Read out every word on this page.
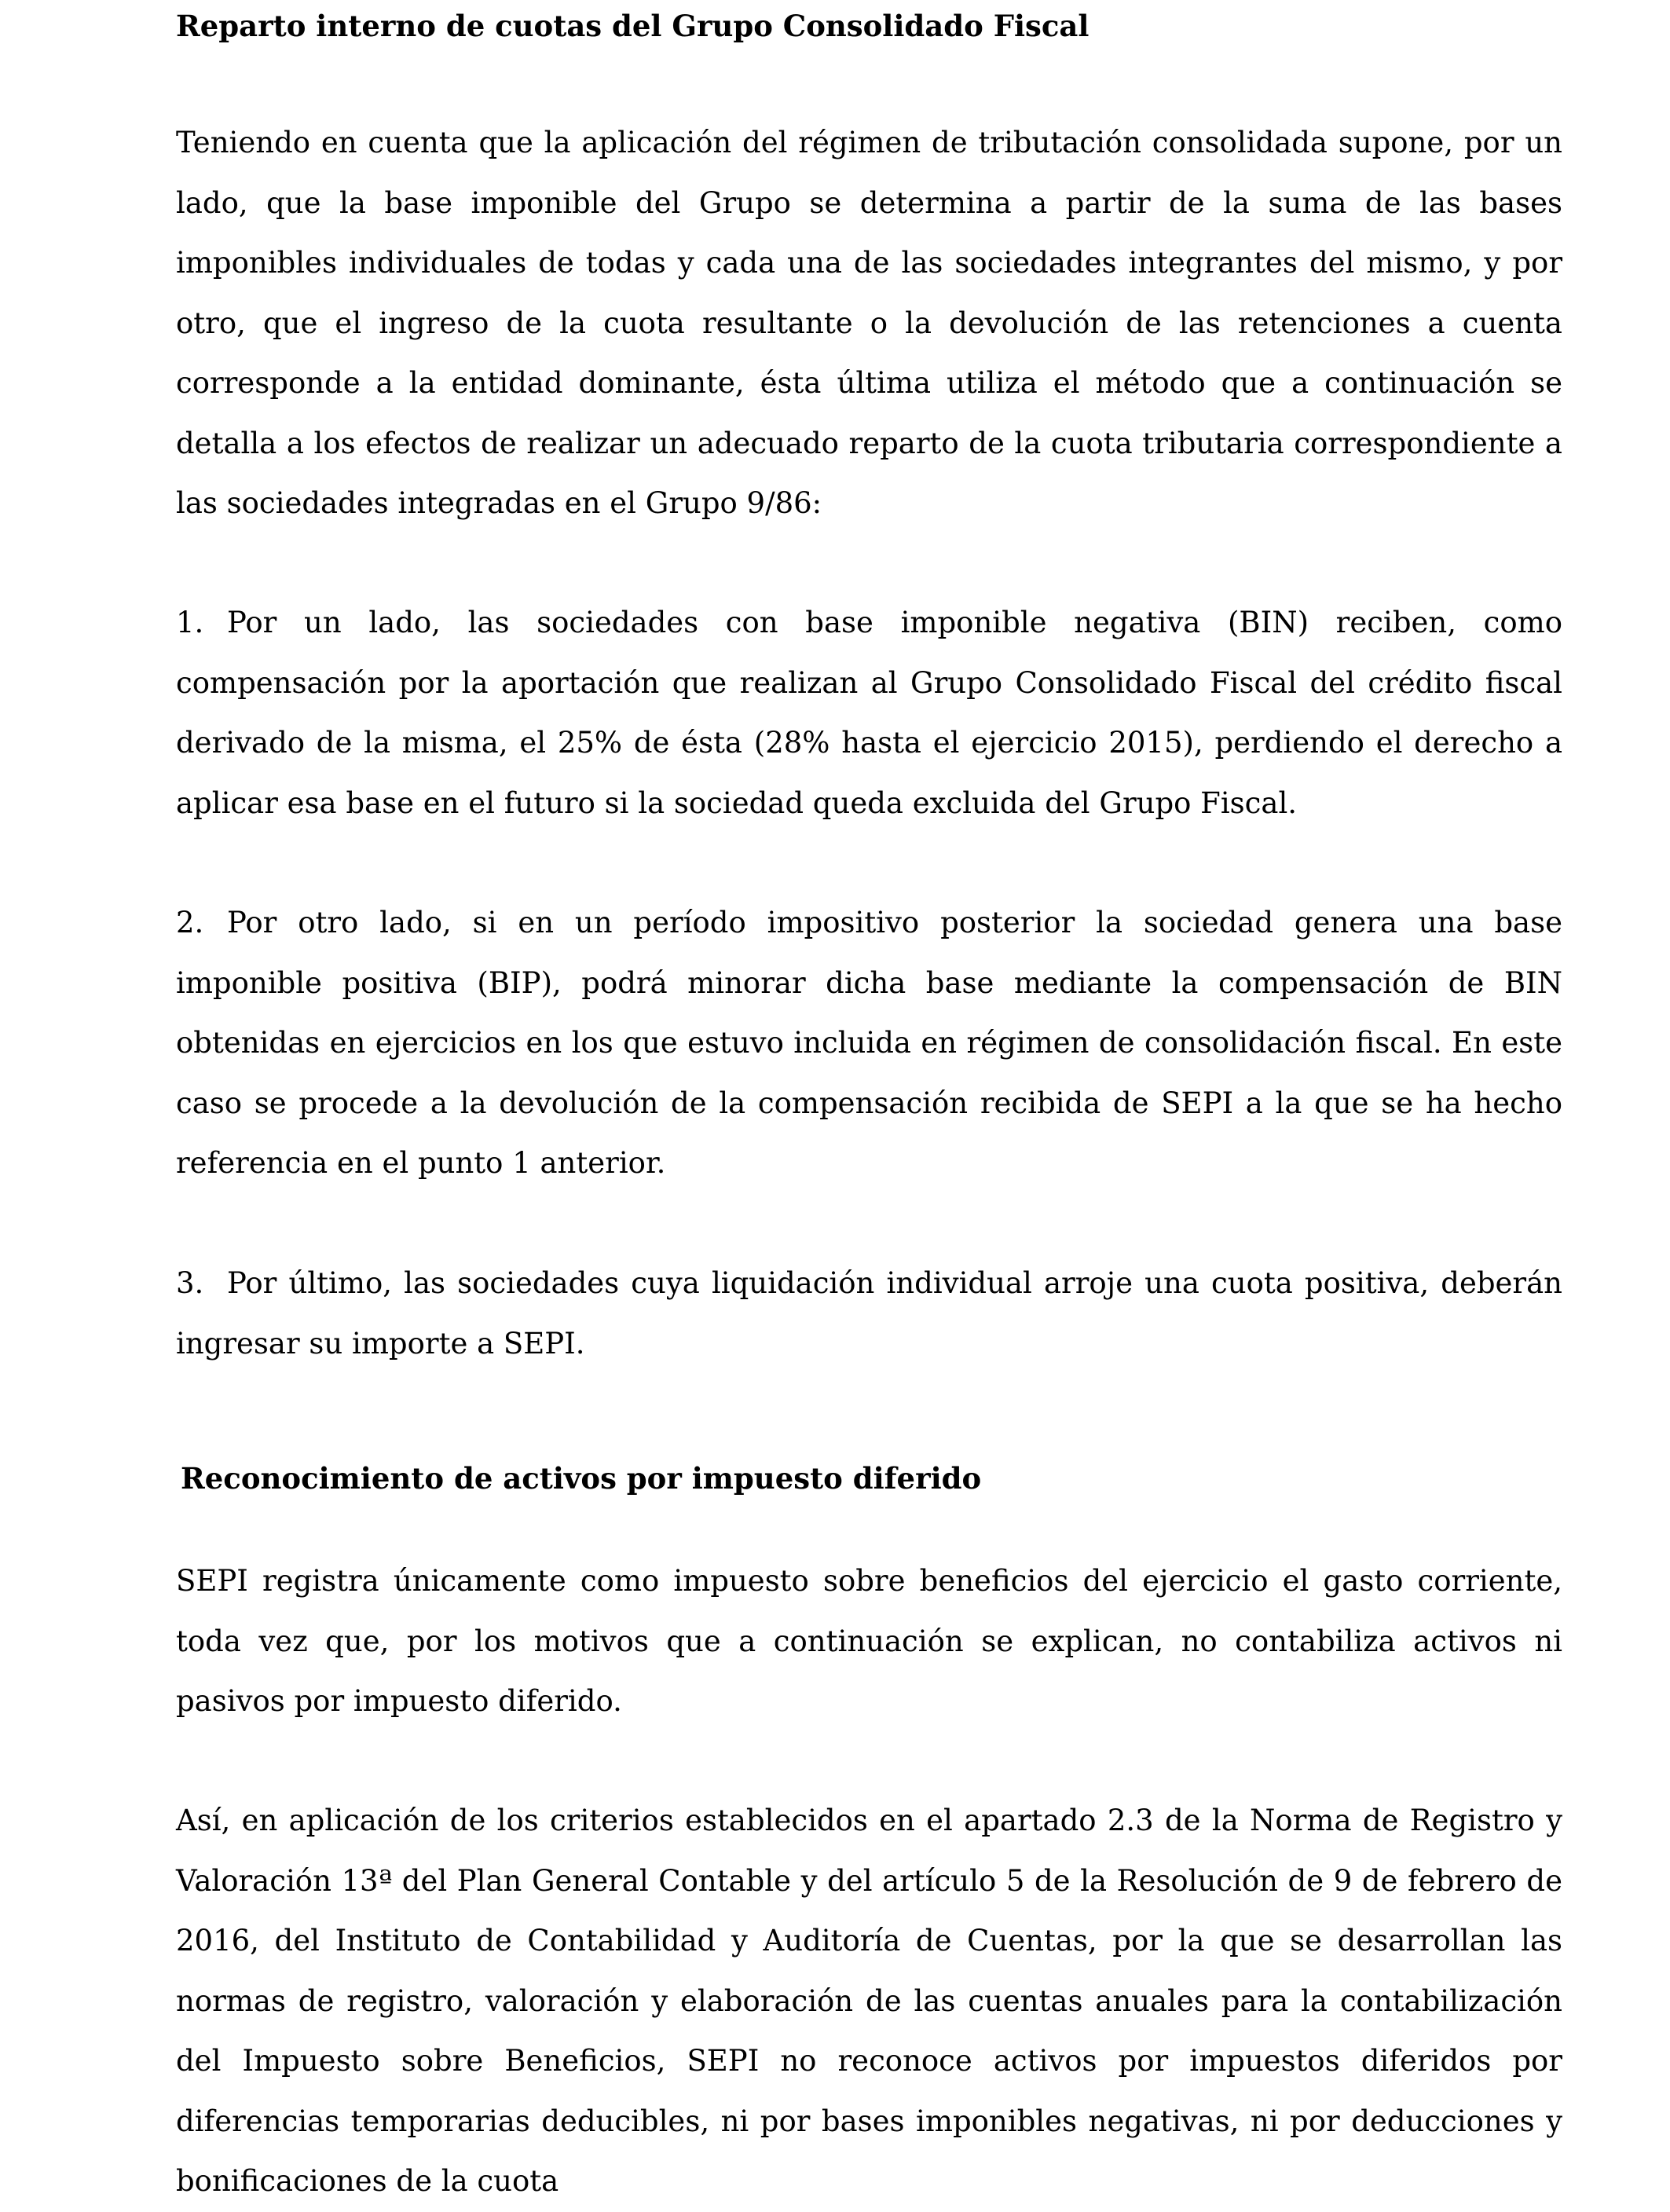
Reparto interno de cuotas del Grupo Consolidado Fiscal
Teniendo en cuenta que la aplicación del régimen de tributación consolidada supone, por un lado, que la base imponible del Grupo se determina a partir de la suma de las bases imponibles individuales de todas y cada una de las sociedades integrantes del mismo, y por otro, que el ingreso de la cuota resultante o la devolución de las retenciones a cuenta corresponde a la entidad dominante, ésta última utiliza el método que a continuación se detalla a los efectos de realizar un adecuado reparto de la cuota tributaria correspondiente a las sociedades integradas en el Grupo 9/86:
1. Por un lado, las sociedades con base imponible negativa (BIN) reciben, como compensación por la aportación que realizan al Grupo Consolidado Fiscal del crédito fiscal derivado de la misma, el 25% de ésta (28% hasta el ejercicio 2015), perdiendo el derecho a aplicar esa base en el futuro si la sociedad queda excluida del Grupo Fiscal.
2. Por otro lado, si en un período impositivo posterior la sociedad genera una base imponible positiva (BIP), podrá minorar dicha base mediante la compensación de BIN obtenidas en ejercicios en los que estuvo incluida en régimen de consolidación fiscal. En este caso se procede a la devolución de la compensación recibida de SEPI a la que se ha hecho referencia en el punto 1 anterior.
3. Por último, las sociedades cuya liquidación individual arroje una cuota positiva, deberán ingresar su importe a SEPI.
Reconocimiento de activos por impuesto diferido
SEPI registra únicamente como impuesto sobre beneficios del ejercicio el gasto corriente, toda vez que, por los motivos que a continuación se explican, no contabiliza activos ni pasivos por impuesto diferido.
Así, en aplicación de los criterios establecidos en el apartado 2.3 de la Norma de Registro y Valoración 13ª del Plan General Contable y del artículo 5 de la Resolución de 9 de febrero de 2016, del Instituto de Contabilidad y Auditoría de Cuentas, por la que se desarrollan las normas de registro, valoración y elaboración de las cuentas anuales para la contabilización del Impuesto sobre Beneficios, SEPI no reconoce activos por impuestos diferidos por diferencias temporarias deducibles, ni por bases imponibles negativas, ni por deducciones y bonificaciones de la cuota
